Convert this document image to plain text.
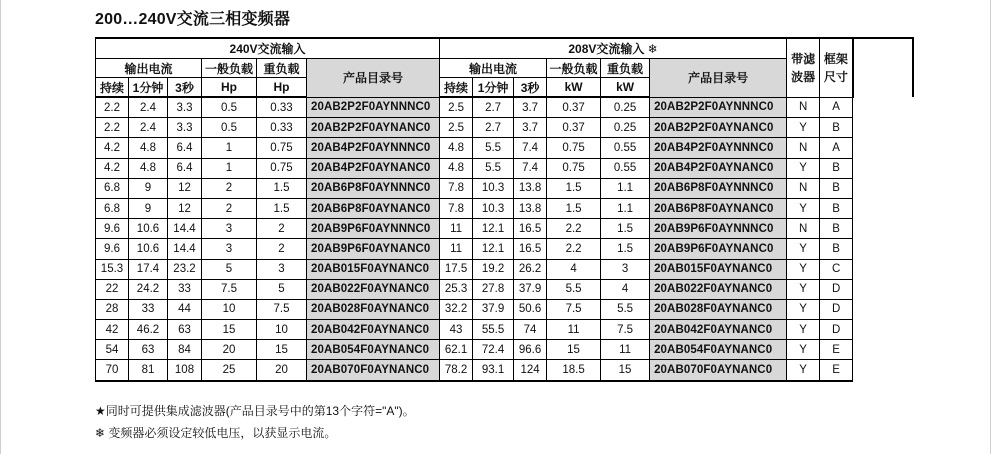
200…240V交流三相变频器
240V交流输入						208V交流输入 ❄						带滤波器	框架尺寸	
输出电流			一般负载	重负载	产品目录号	输出电流			一般负载	重负载	产品目录号			
持续	1分钟	3秒	Hp	Hp		持续	1分钟	3秒	kW	kW				
2.2	2.4	3.3	0.5	0.33	20AB2P2F0AYNNNC0	2.5	2.7	3.7	0.37	0.25	20AB2P2F0AYNNNC0	N	A	
2.2	2.4	3.3	0.5	0.33	20AB2P2F0AYNANC0	2.5	2.7	3.7	0.37	0.25	20AB2P2F0AYNANC0	Y	B	
4.2	4.8	6.4	1	0.75	20AB4P2F0AYNNNC0	4.8	5.5	7.4	0.75	0.55	20AB4P2F0AYNNNC0	N	A	
4.2	4.8	6.4	1	0.75	20AB4P2F0AYNANC0	4.8	5.5	7.4	0.75	0.55	20AB4P2F0AYNANC0	Y	B	
6.8	9	12	2	1.5	20AB6P8F0AYNNNC0	7.8	10.3	13.8	1.5	1.1	20AB6P8F0AYNNNC0	N	B	
6.8	9	12	2	1.5	20AB6P8F0AYNANC0	7.8	10.3	13.8	1.5	1.1	20AB6P8F0AYNANC0	Y	B	
9.6	10.6	14.4	3	2	20AB9P6F0AYNNNC0	11	12.1	16.5	2.2	1.5	20AB9P6F0AYNNNC0	N	B	
9.6	10.6	14.4	3	2	20AB9P6F0AYNANC0	11	12.1	16.5	2.2	1.5	20AB9P6F0AYNANC0	Y	B	
15.3	17.4	23.2	5	3	20AB015F0AYNANC0	17.5	19.2	26.2	4	3	20AB015F0AYNANC0	Y	C	
22	24.2	33	7.5	5	20AB022F0AYNANC0	25.3	27.8	37.9	5.5	4	20AB022F0AYNANC0	Y	D	
28	33	44	10	7.5	20AB028F0AYNANC0	32.2	37.9	50.6	7.5	5.5	20AB028F0AYNANC0	Y	D	
42	46.2	63	15	10	20AB042F0AYNANC0	43	55.5	74	11	7.5	20AB042F0AYNANC0	Y	D	
54	63	84	20	15	20AB054F0AYNANC0	62.1	72.4	96.6	15	11	20AB054F0AYNANC0	Y	E	
70	81	108	25	20	20AB070F0AYNANC0	78.2	93.1	124	18.5	15	20AB070F0AYNANC0	Y	E	
★同时可提供集成滤波器(产品目录号中的第13个字符="A")。
❄ 变频器必须设定较低电压，以获显示电流。
